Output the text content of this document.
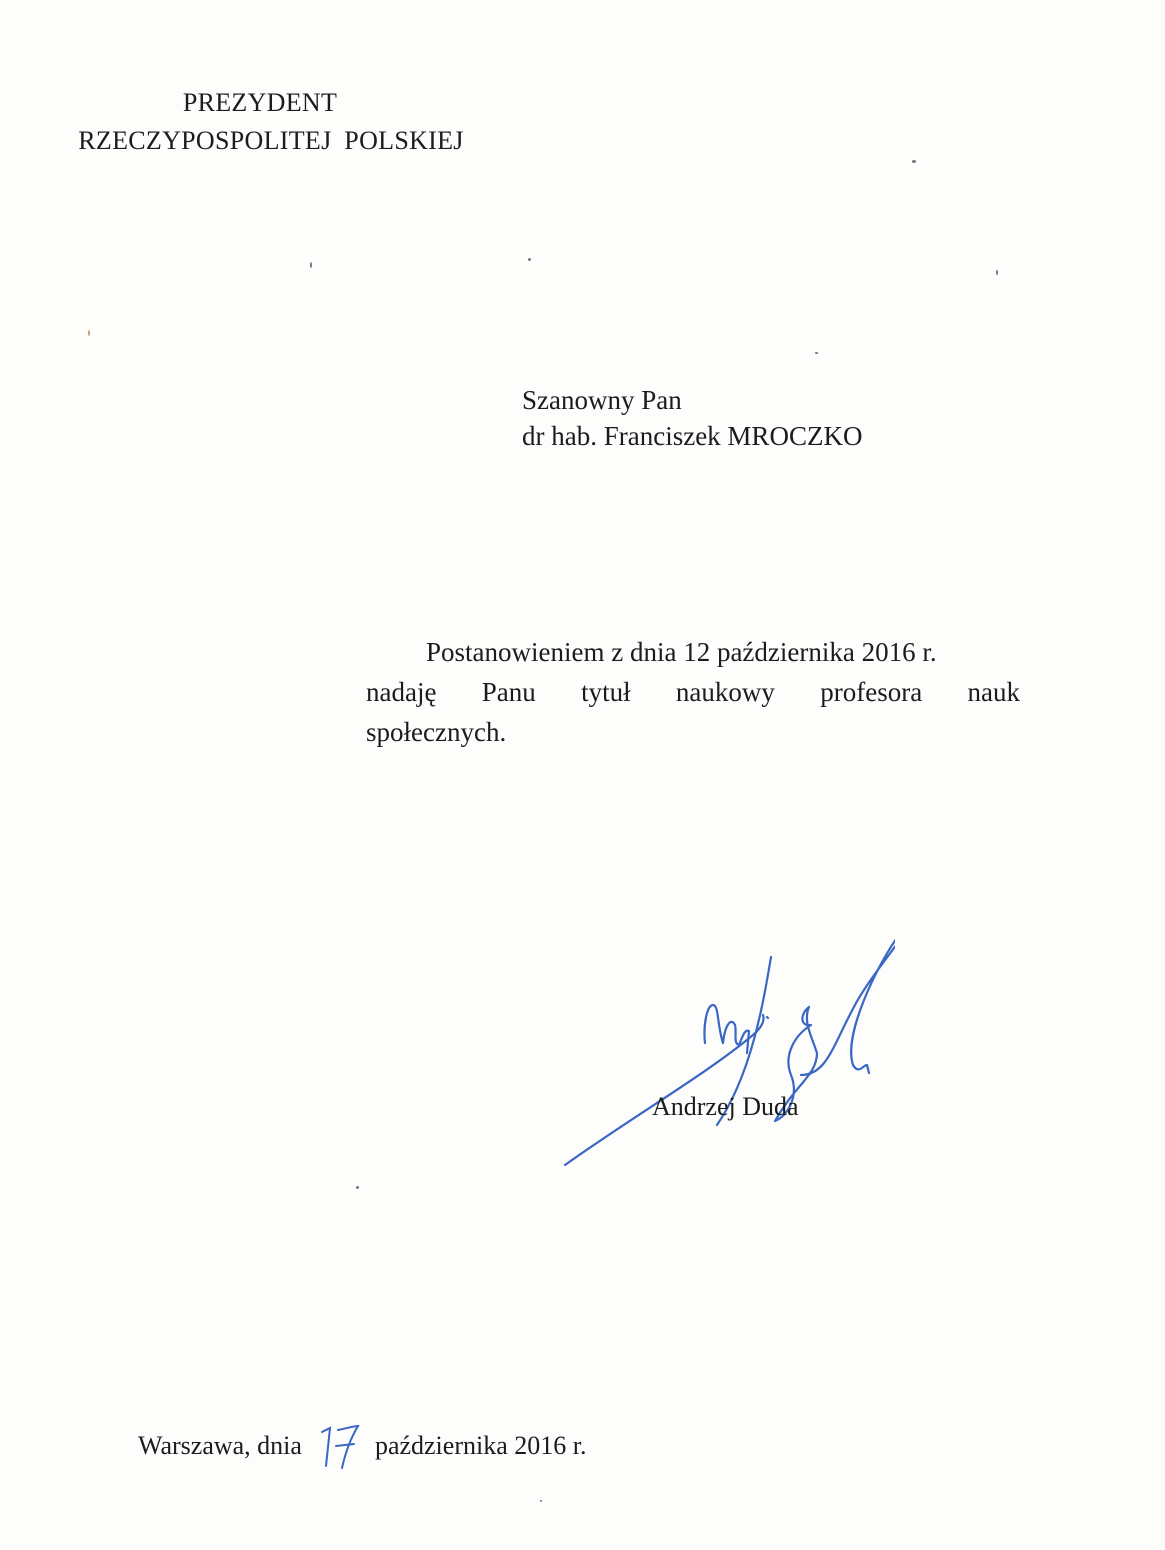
PREZYDENT
RZECZYPOSPOLITEJ POLSKIEJ
Szanowny Pan
dr hab. Franciszek MROCZKO
Postanowieniem z dnia 12 października 2016 r.
nadaję Panu tytuł naukowy profesora nauk
społecznych.
Andrzej Duda
Warszawa, dnia	października 2016 r.
